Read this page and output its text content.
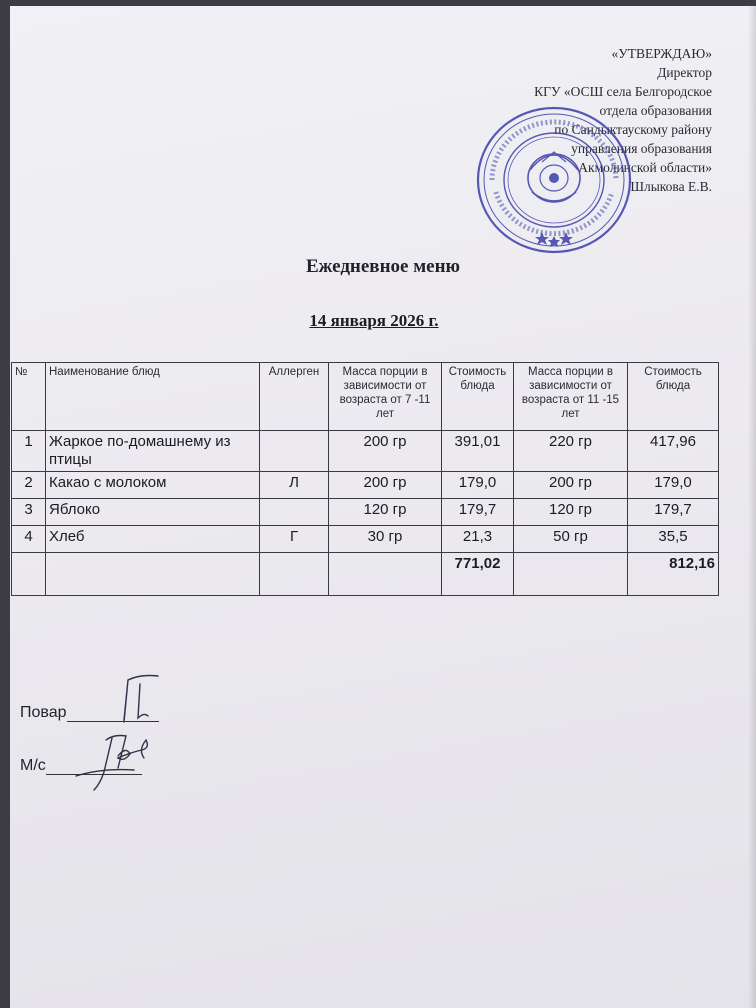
«УТВЕРЖДАЮ»
Директор
КГУ «ОСШ села Белгородское
отдела образования
по Сандыктаускому району
управления образования
Акмолинской области»
Шлыкова Е.В.
Ежедневное меню
14 января 2026 г.
№	Наименование блюд	Аллерген	Масса порции в зависимости от возраста от 7 -11 лет	Стоимость блюда	Масса порции в зависимости от возраста от 11 -15 лет	Стоимость блюда
1	Жаркое по-домашнему из птицы		200 гр	391,01	220 гр	417,96
2	Какао с молоком	Л	200 гр	179,0	200 гр	179,0
3	Яблоко		120 гр	179,7	120 гр	179,7
4	Хлеб	Г	30 гр	21,3	50 гр	35,5
				771,02		812,16
Повар
М/с
